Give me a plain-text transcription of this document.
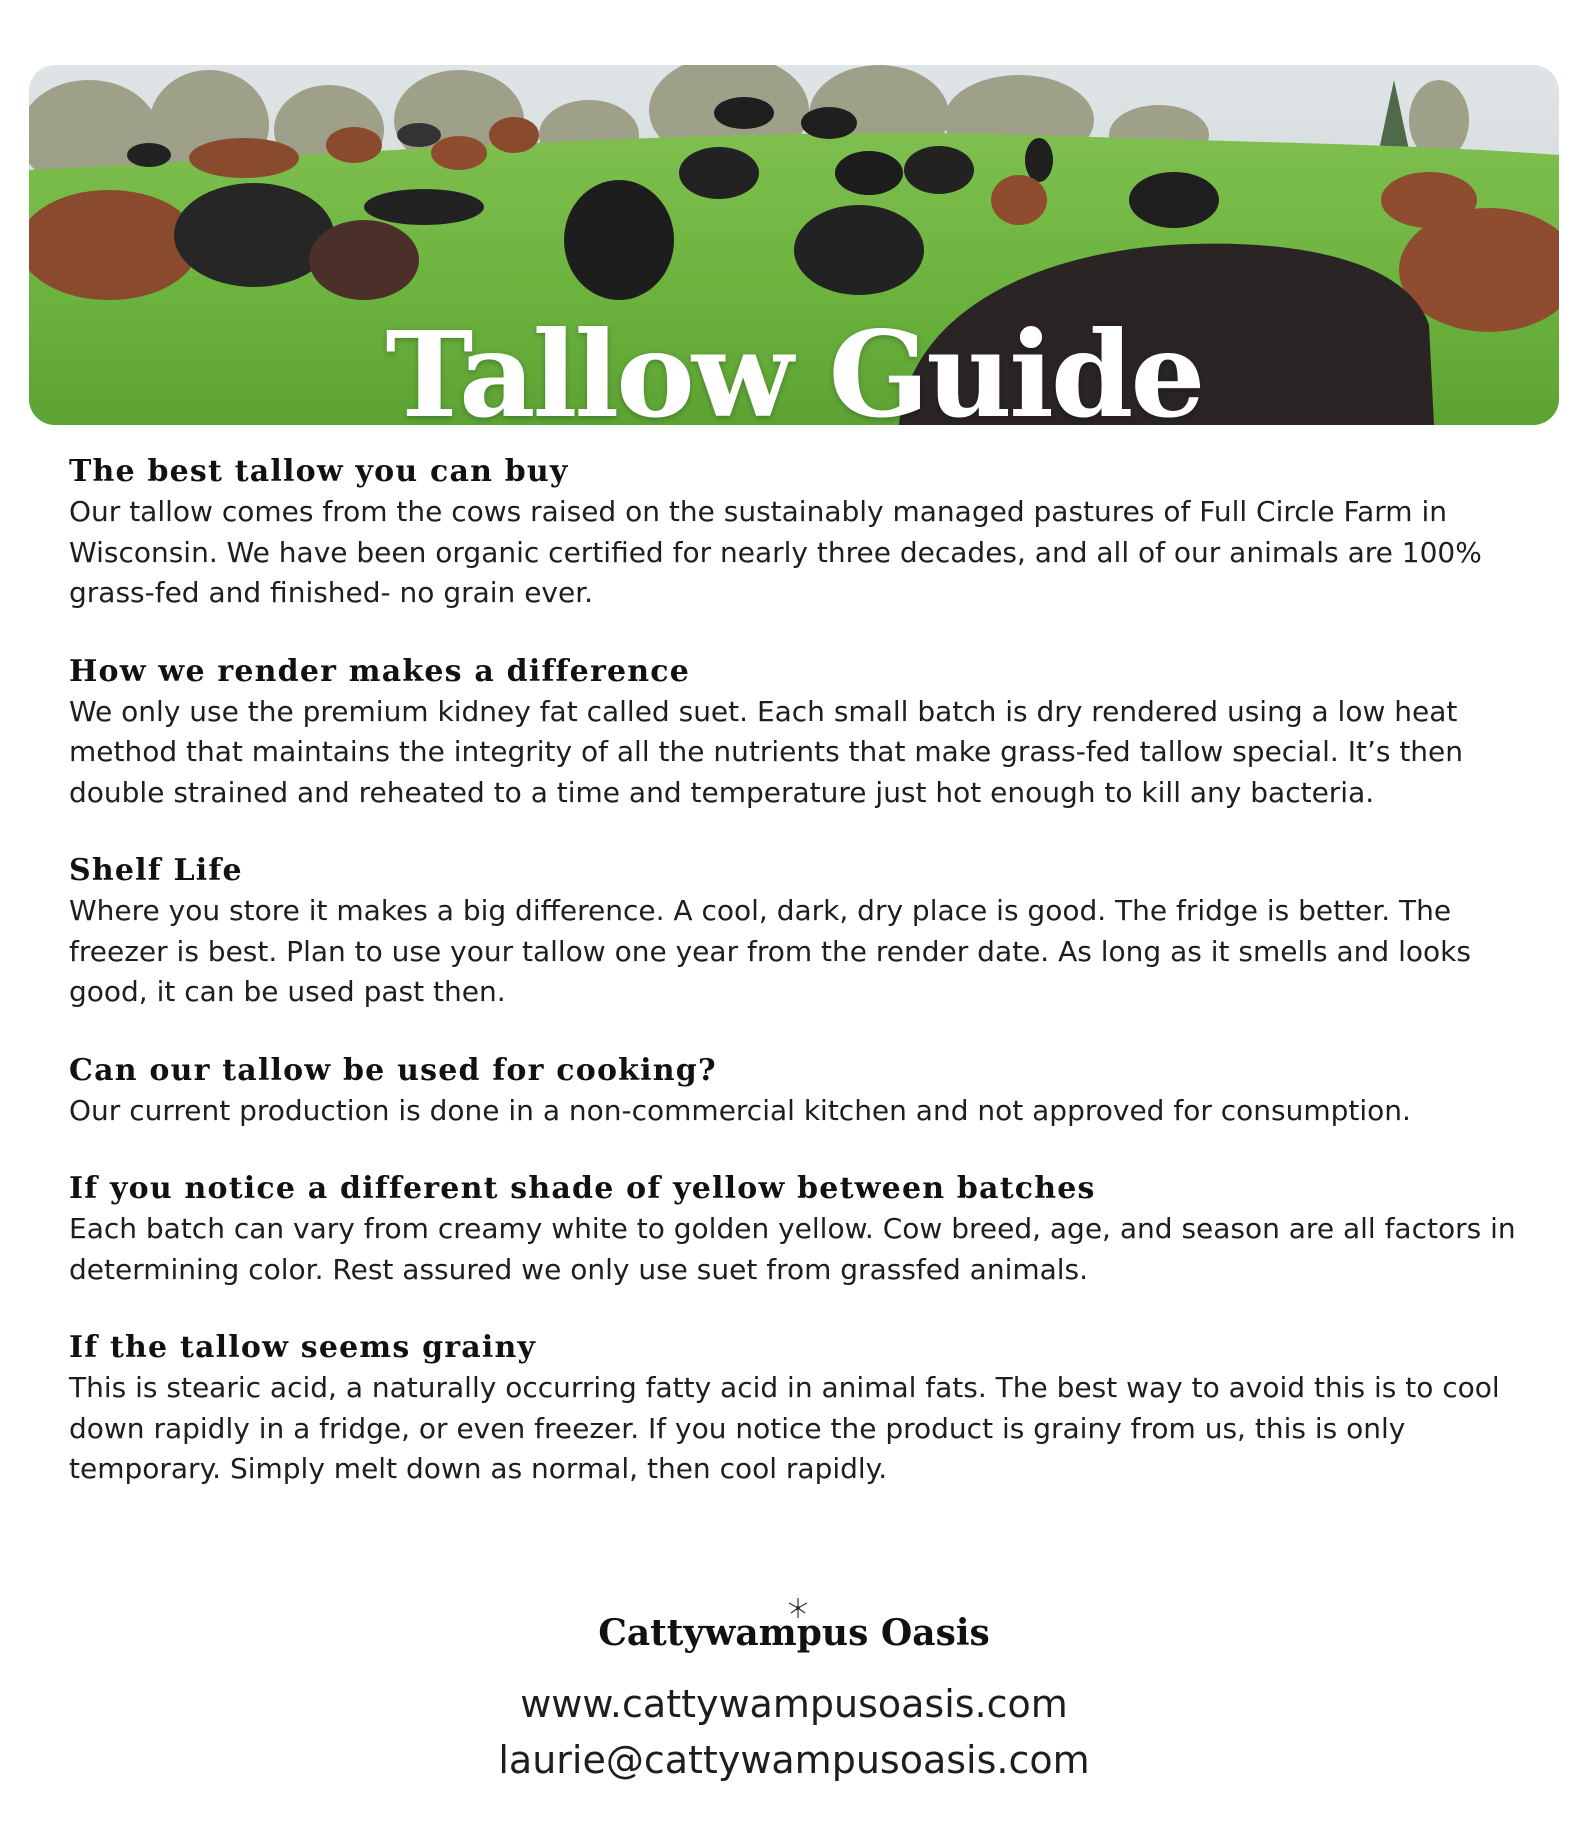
Tallow Guide
The best tallow you can buy

Our tallow comes from the cows raised on the sustainably managed pastures of Full Circle Farm in Wisconsin. We have been organic certified for nearly three decades, and all of our animals are 100% grass-fed and finished- no grain ever.

How we render makes a difference

We only use the premium kidney fat called suet. Each small batch is dry rendered using a low heat method that maintains the integrity of all the nutrients that make grass-fed tallow special. It’s then double strained and reheated to a time and temperature just hot enough to kill any bacteria.

Shelf Life

Where you store it makes a big difference. A cool, dark, dry place is good. The fridge is better. The freezer is best. Plan to use your tallow one year from the render date. As long as it smells and looks good, it can be used past then.

Can our tallow be used for cooking?

Our current production is done in a non-commercial kitchen and not approved for consumption.

If you notice a different shade of yellow between batches

Each batch can vary from creamy white to golden yellow. Cow breed, age, and season are all factors in determining color. Rest assured we only use suet from grassfed animals.

If the tallow seems grainy

This is stearic acid, a naturally occurring fatty acid in animal fats. The best way to avoid this is to cool down rapidly in a fridge, or even freezer. If you notice the product is grainy from us, this is only temporary. Simply melt down as normal, then cool rapidly.

Cattywampus Oasis

www.cattywampusoasis.com

laurie@cattywampusoasis.com
